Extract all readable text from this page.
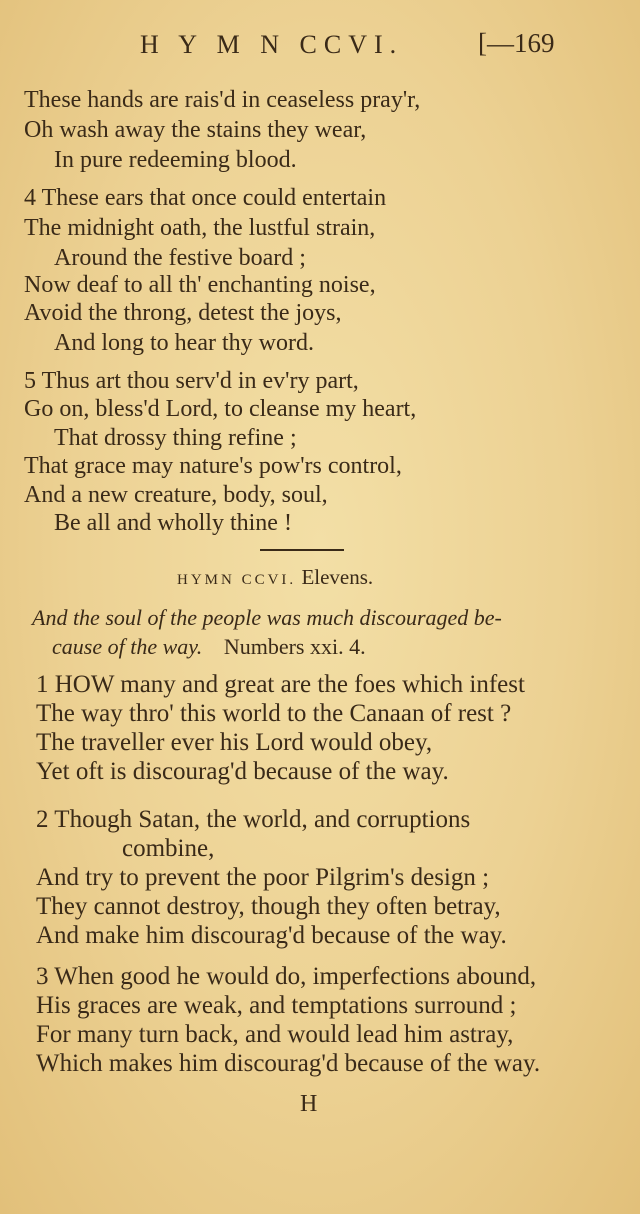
H Y M N CCVI.	[—169
These hands are rais'd in ceaseless pray'r,
Oh wash away the stains they wear,
In pure redeeming blood.
4 These ears that once could entertain
The midnight oath, the lustful strain,
Around the festive board ;
Now deaf to all th' enchanting noise,
Avoid the throng, detest the joys,
And long to hear thy word.
5 Thus art thou serv'd in ev'ry part,
Go on, bless'd Lord, to cleanse my heart,
That drossy thing refine ;
That grace may nature's pow'rs control,
And a new creature, body, soul,
Be all and wholly thine !
HYMN CCVI. Elevens.
And the soul of the people was much discouraged be-
cause of the way. Numbers xxi. 4.
1 HOW many and great are the foes which infest
The way thro' this world to the Canaan of rest ?
The traveller ever his Lord would obey,
Yet oft is discourag'd because of the way.
2 Though Satan, the world, and corruptions
combine,
And try to prevent the poor Pilgrim's design ;
They cannot destroy, though they often betray,
And make him discourag'd because of the way.
3 When good he would do, imperfections abound,
His graces are weak, and temptations surround ;
For many turn back, and would lead him astray,
Which makes him discourag'd because of the way.
H
